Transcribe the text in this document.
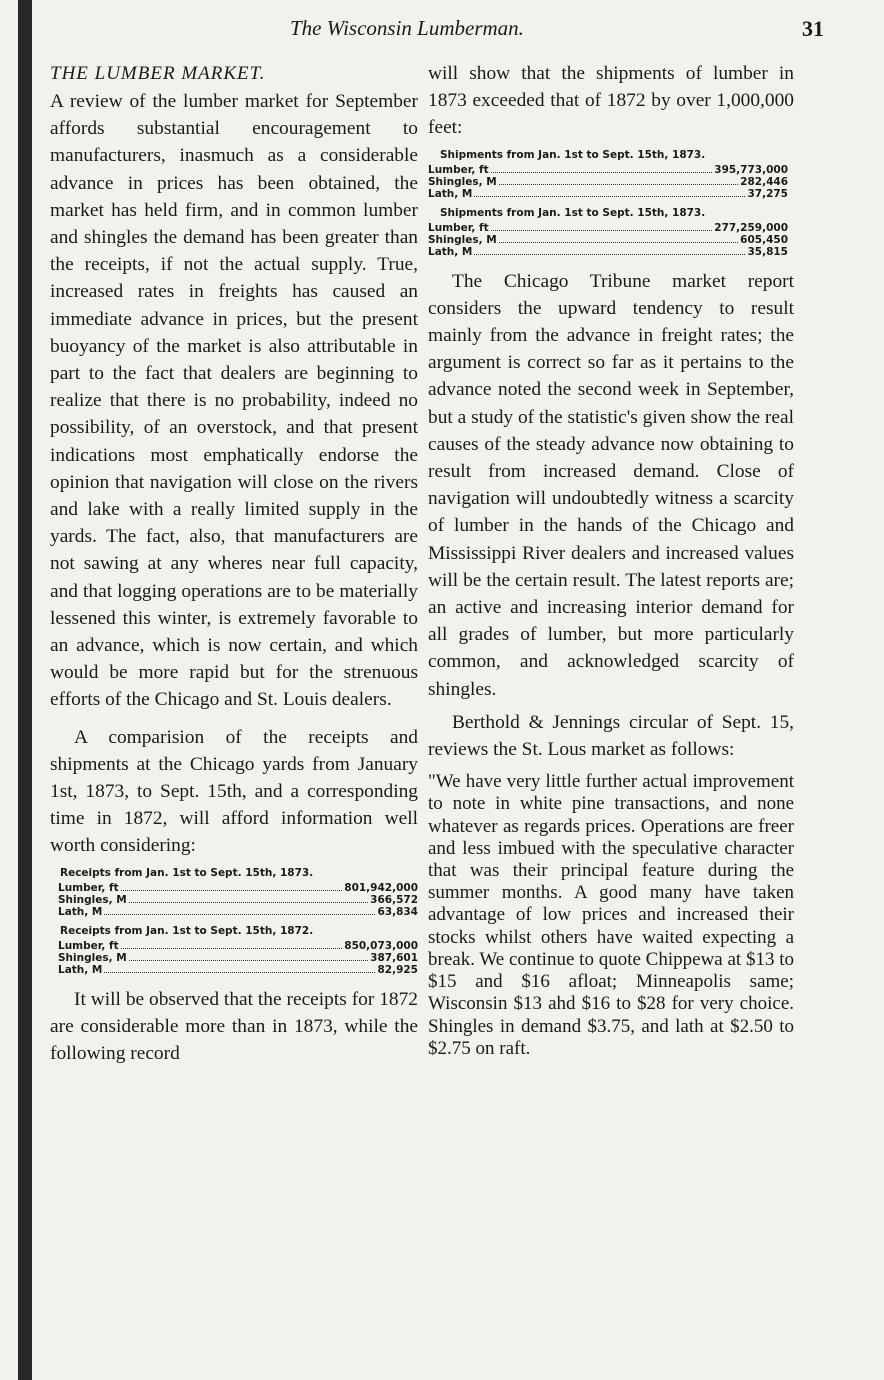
The Wisconsin Lumberman.	31
THE LUMBER MARKET.

A review of the lumber market for September affords substantial encouragement to manufacturers, inasmuch as a considerable advance in prices has been obtained, the market has held firm, and in common lumber and shingles the demand has been greater than the receipts, if not the actual supply. True, increased rates in freights has caused an immediate advance in prices, but the present buoyancy of the market is also attributable in part to the fact that dealers are beginning to realize that there is no probability, indeed no possibility, of an overstock, and that present indications most emphatically endorse the opinion that navigation will close on the rivers and lake with a really limited supply in the yards. The fact, also, that manufacturers are not sawing at any wheres near full capacity, and that logging operations are to be materially lessened this winter, is extremely favorable to an advance, which is now certain, and which would be more rapid but for the strenuous efforts of the Chicago and St. Louis dealers.

A comparision of the receipts and shipments at the Chicago yards from January 1st, 1873, to Sept. 15th, and a corresponding time in 1872, will afford information well worth considering:

Receipts from Jan. 1st to Sept. 15th, 1873.
Lumber, ft	801,942,000
Shingles, M	366,572
Lath, M	63,834
Receipts from Jan. 1st to Sept. 15th, 1872.
Lumber, ft	850,073,000
Shingles, M	387,601
Lath, M	82,925

It will be observed that the receipts for 1872 are considerable more than in 1873, while the following record

will show that the shipments of lumber in 1873 exceeded that of 1872 by over 1,000,000 feet:

Shipments from Jan. 1st to Sept. 15th, 1873.
Lumber, ft	395,773,000
Shingles, M	282,446
Lath, M	37,275
Shipments from Jan. 1st to Sept. 15th, 1873.
Lumber, ft	277,259,000
Shingles, M	605,450
Lath, M	35,815

The Chicago Tribune market report considers the upward tendency to result mainly from the advance in freight rates; the argument is correct so far as it pertains to the advance noted the second week in September, but a study of the statistic's given show the real causes of the steady advance now obtaining to result from increased demand. Close of navigation will undoubtedly witness a scarcity of lumber in the hands of the Chicago and Mississippi River dealers and increased values will be the certain result. The latest reports are; an active and increasing interior demand for all grades of lumber, but more particularly common, and acknowledged scarcity of shingles.

Berthold & Jennings circular of Sept. 15, reviews the St. Lous market as follows:

"We have very little further actual improvement to note in white pine transactions, and none whatever as regards prices. Operations are freer and less imbued with the speculative character that was their principal feature during the summer months. A good many have taken advantage of low prices and increased their stocks whilst others have waited expecting a break. We continue to quote Chippewa at $13 to $15 and $16 afloat; Minneapolis same; Wisconsin $13 ahd $16 to $28 for very choice. Shingles in demand $3.75, and lath at $2.50 to $2.75 on raft.
